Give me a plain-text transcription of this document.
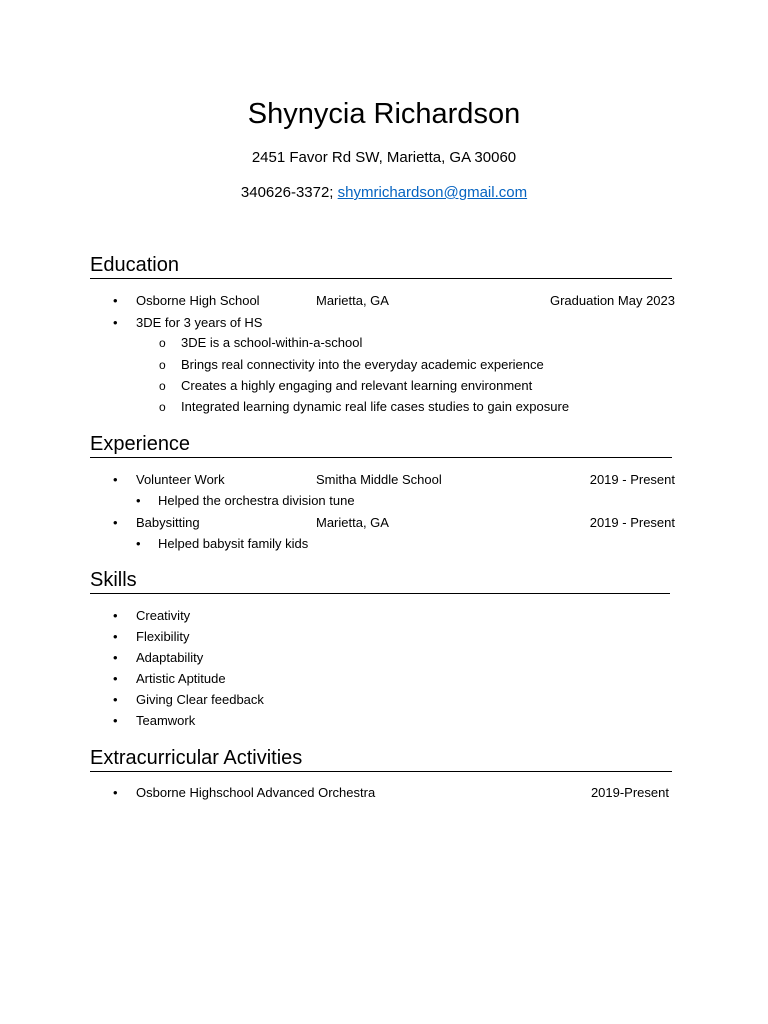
Shynycia Richardson
2451 Favor Rd SW, Marietta, GA 30060
340626-3372; shymrichardson@gmail.com
Education
• Osborne High School	Marietta, GA	Graduation May 2023
• 3DE for 3 years of HS
o 3DE is a school-within-a-school
o Brings real connectivity into the everyday academic experience
o Creates a highly engaging and relevant learning environment
o Integrated learning dynamic real life cases studies to gain exposure
Experience
• Volunteer Work	Smitha Middle School	2019 - Present
• Helped the orchestra division tune
• Babysitting	Marietta, GA	2019 - Present
• Helped babysit family kids
Skills
• Creativity
• Flexibility
• Adaptability
• Artistic Aptitude
• Giving Clear feedback
• Teamwork
Extracurricular Activities
• Osborne Highschool Advanced Orchestra	2019-Present
